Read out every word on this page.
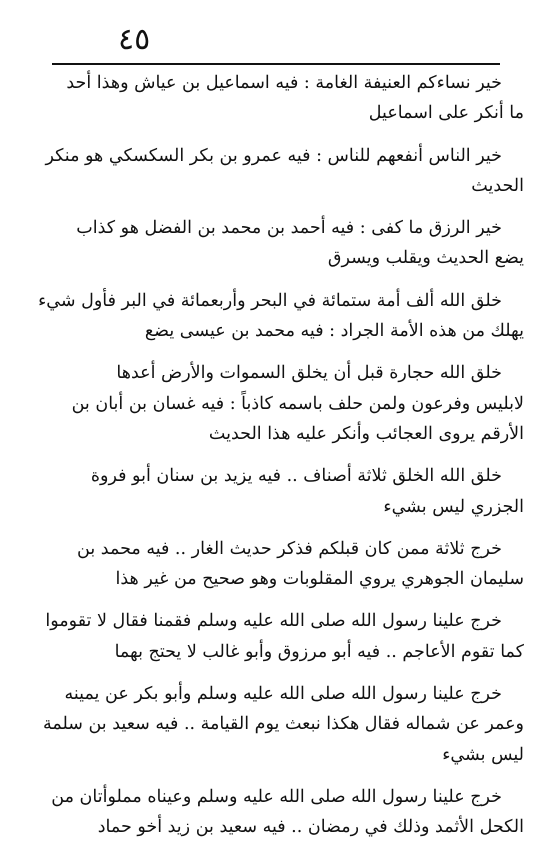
٤٥
خير نساءكم العنيفة الغامة : فيه اسماعيل بن عياش وهذا أحد
ما أنكر على اسماعيل
خير الناس أنفعهم للناس : فيه عمرو بن بكر السكسكي هو منكر
الحديث
خير الرزق ما كفى : فيه أحمد بن محمد بن الفضل هو كذاب
يضع الحديث ويقلب ويسرق
خلق الله ألف أمة ستمائة في البحر وأربعمائة في البر فأول شيء
يهلك من هذه الأمة الجراد : فيه محمد بن عيسى يضع
خلق الله حجارة قبل أن يخلق السموات والأرض أعدها
لابليس وفرعون ولمن حلف باسمه كاذباً : فيه غسان بن أبان بن
الأرقم يروى العجائب وأنكر عليه هذا الحديث
خلق الله الخلق ثلاثة أصناف .. فيه يزيد بن سنان أبو فروة
الجزري ليس بشيء
خرج ثلاثة ممن كان قبلكم فذكر حديث الغار .. فيه محمد بن
سليمان الجوهري يروي المقلوبات وهو صحيح من غير هذا
خرج علينا رسول الله صلى الله عليه وسلم فقمنا فقال لا تقوموا
كما تقوم الأعاجم .. فيه أبو مرزوق وأبو غالب لا يحتج بهما
خرج علينا رسول الله صلى الله عليه وسلم وأبو بكر عن يمينه
وعمر عن شماله فقال هكذا نبعث يوم القيامة .. فيه سعيد بن سلمة
ليس بشيء
خرج علينا رسول الله صلى الله عليه وسلم وعيناه مملوأتان من
الكحل الأثمد وذلك في رمضان .. فيه سعيد بن زيد أخو حماد
